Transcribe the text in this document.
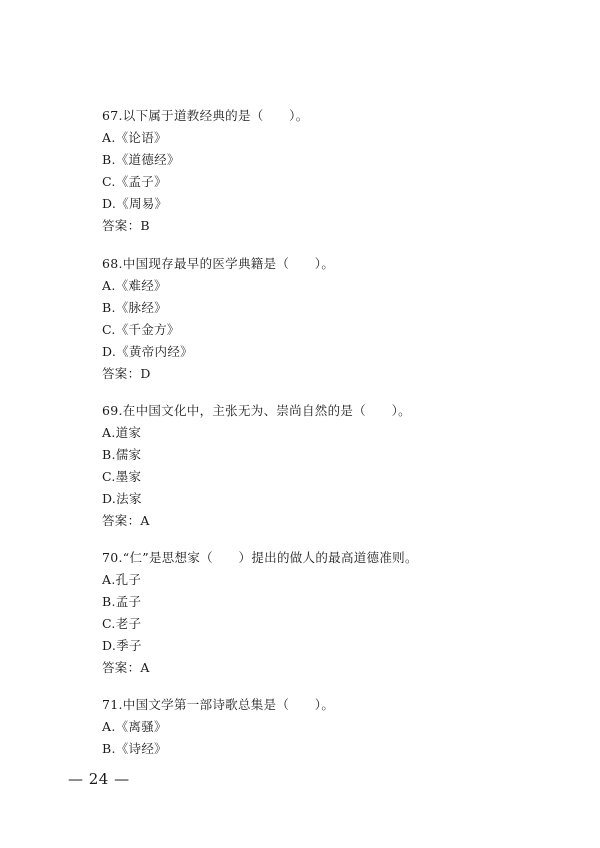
67.以下属于道教经典的是（　　）。
A.《论语》
B.《道德经》
C.《孟子》
D.《周易》
答案：B
68.中国现存最早的医学典籍是（　　）。
A.《难经》
B.《脉经》
C.《千金方》
D.《黄帝内经》
答案：D
69.在中国文化中，主张无为、崇尚自然的是（　　）。
A.道家
B.儒家
C.墨家
D.法家
答案：A
70.“仁”是思想家（　　）提出的做人的最高道德准则。
A.孔子
B.孟子
C.老子
D.季子
答案：A
71.中国文学第一部诗歌总集是（　　）。
A.《离骚》
B.《诗经》
— 24 —
